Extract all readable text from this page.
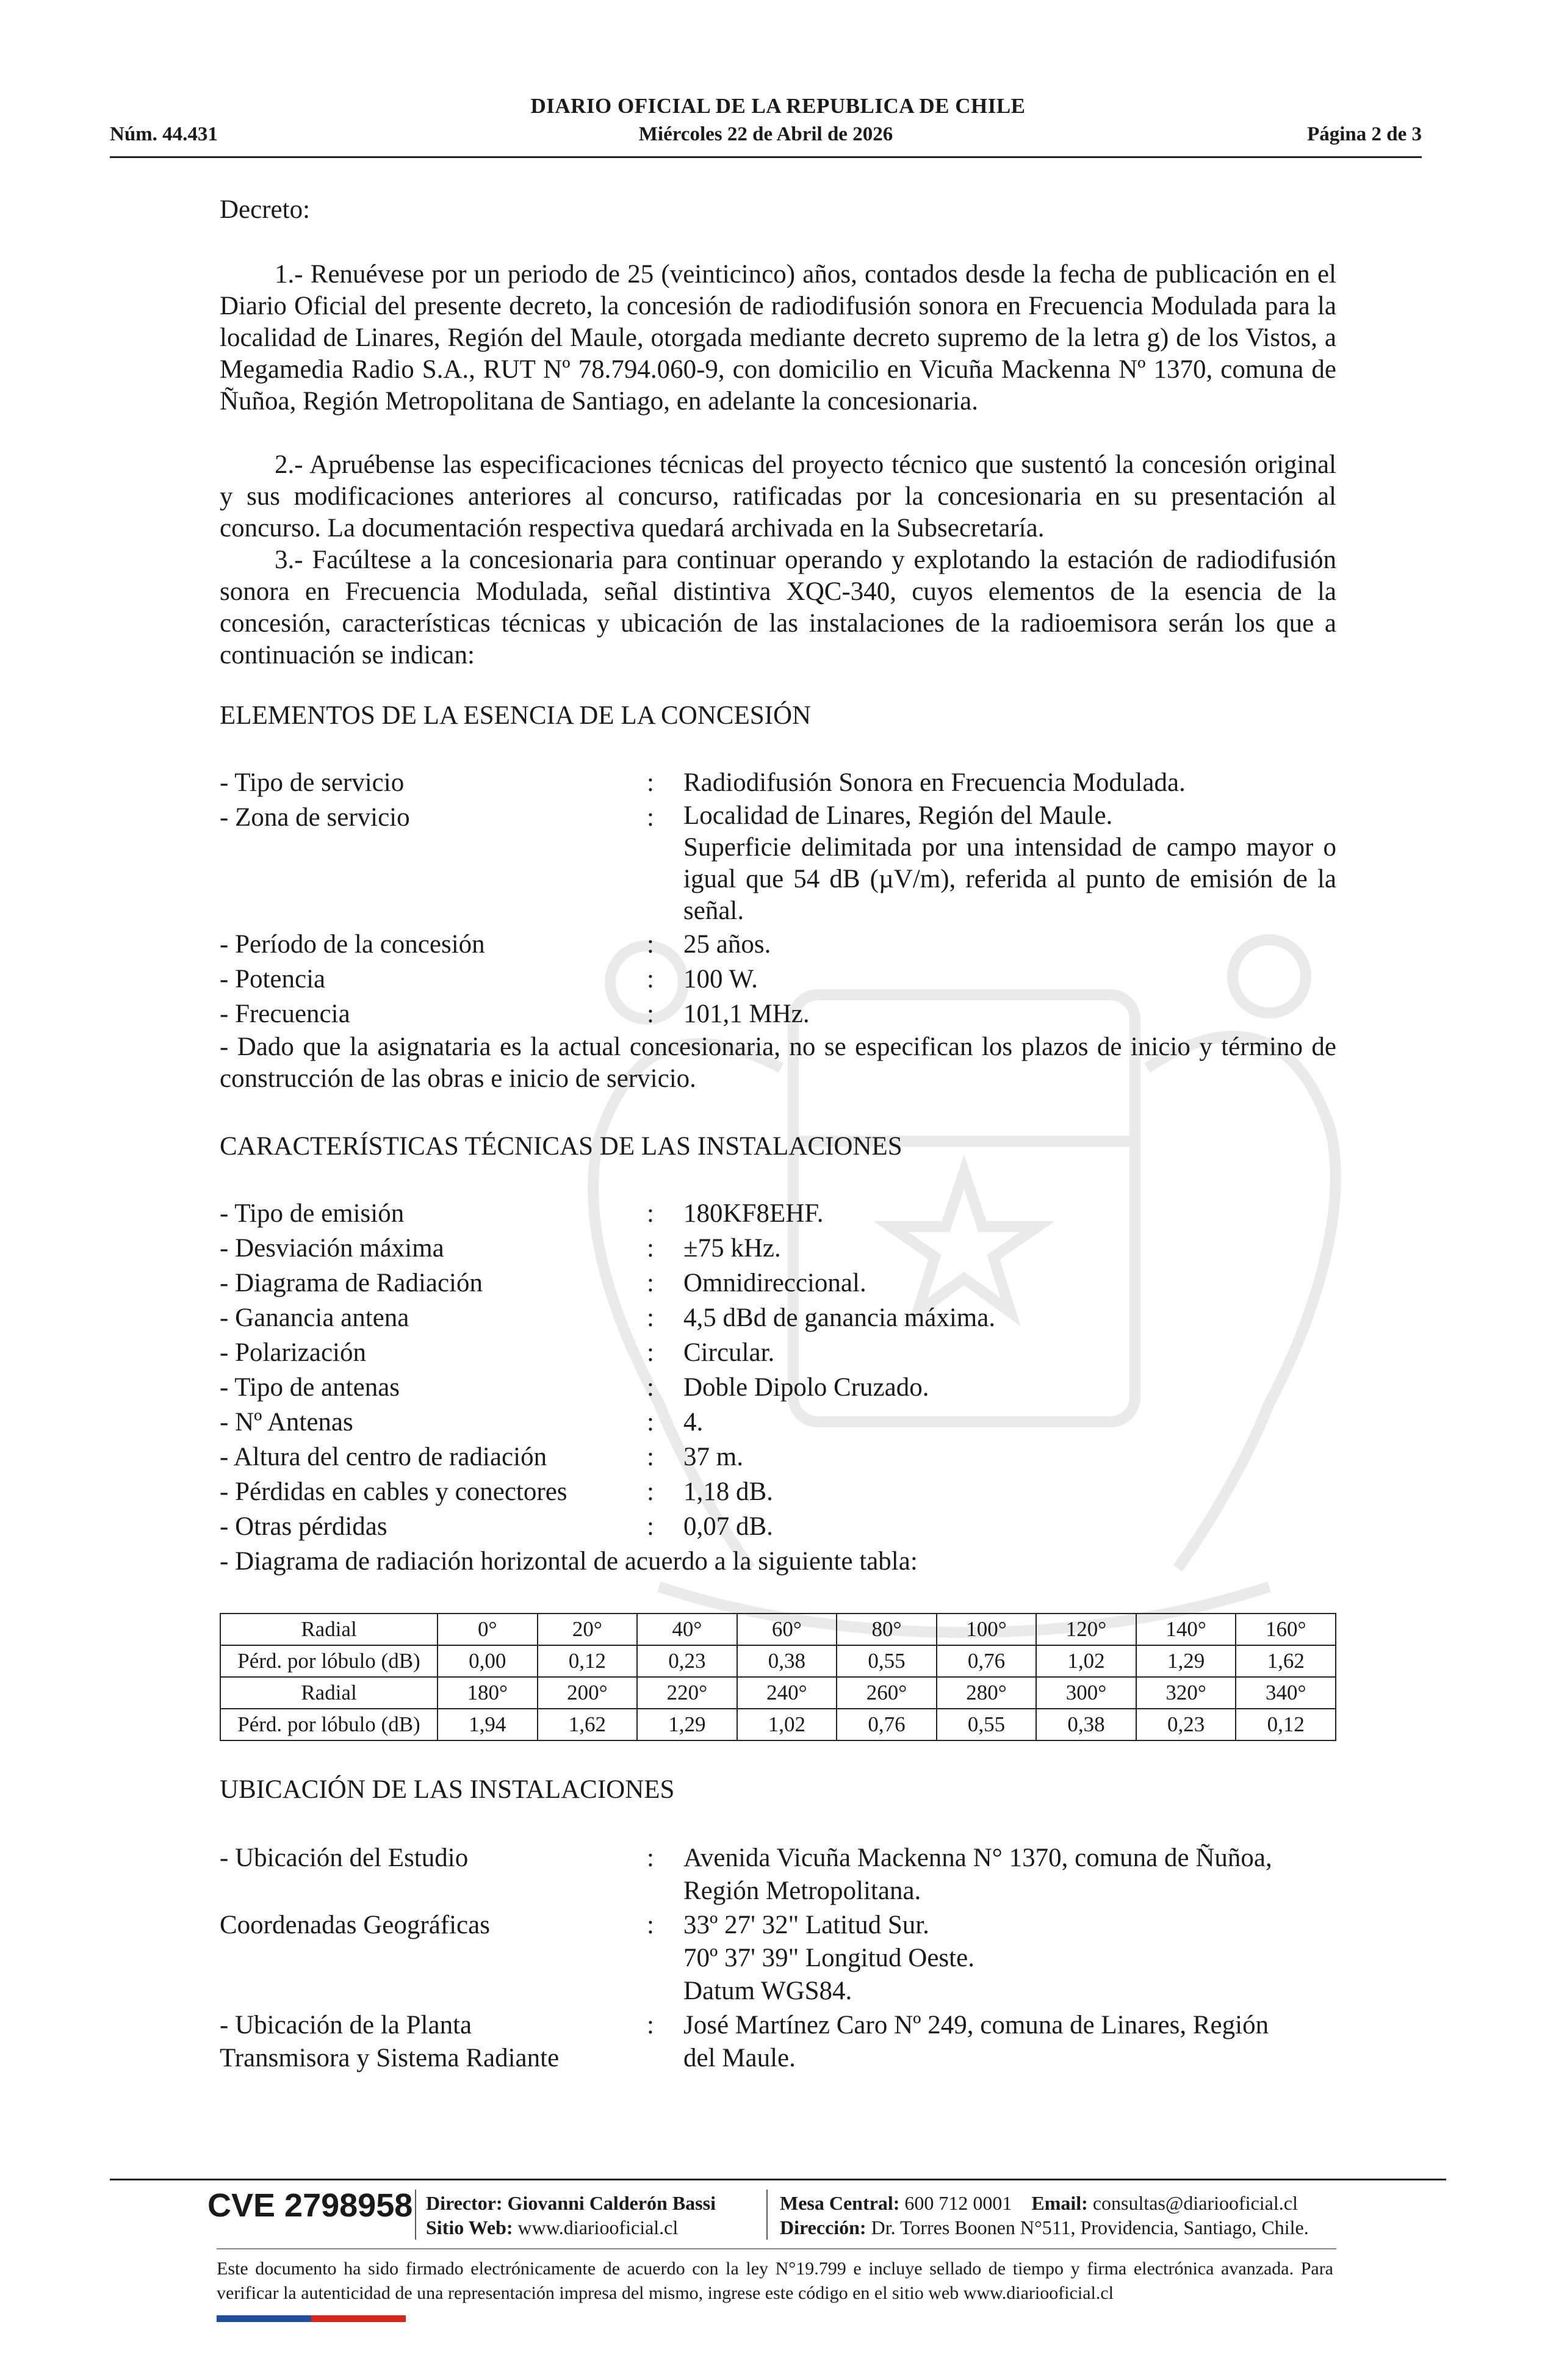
DIARIO OFICIAL DE LA REPUBLICA DE CHILE
Núm. 44.431	Miércoles 22 de Abril de 2026	Página 2 de 3
Decreto:

1.- Renuévese por un periodo de 25 (veinticinco) años, contados desde la fecha de publicación en el Diario Oficial del presente decreto, la concesión de radiodifusión sonora en Frecuencia Modulada para la localidad de Linares, Región del Maule, otorgada mediante decreto supremo de la letra g) de los Vistos, a Megamedia Radio S.A., RUT Nº 78.794.060-9, con domicilio en Vicuña Mackenna Nº 1370, comuna de Ñuñoa, Región Metropolitana de Santiago, en adelante la concesionaria.

2.- Apruébense las especificaciones técnicas del proyecto técnico que sustentó la concesión original y sus modificaciones anteriores al concurso, ratificadas por la concesionaria en su presentación al concurso. La documentación respectiva quedará archivada en la Subsecretaría.

3.- Facúltese a la concesionaria para continuar operando y explotando la estación de radiodifusión sonora en Frecuencia Modulada, señal distintiva XQC-340, cuyos elementos de la esencia de la concesión, características técnicas y ubicación de las instalaciones de la radioemisora serán los que a continuación se indican:

ELEMENTOS DE LA ESENCIA DE LA CONCESIÓN
- Tipo de servicio	:	Radiodifusión Sonora en Frecuencia Modulada.
- Zona de servicio	:	Localidad de Linares, Región del Maule.
Superficie delimitada por una intensidad de campo mayor o igual que 54 dB (µV/m), referida al punto de emisión de la señal.
- Período de la concesión	:	25 años.
- Potencia	:	100 W.
- Frecuencia	:	101,1 MHz.

- Dado que la asignataria es la actual concesionaria, no se especifican los plazos de inicio y término de construcción de las obras e inicio de servicio.

CARACTERÍSTICAS TÉCNICAS DE LAS INSTALACIONES
- Tipo de emisión	:	180KF8EHF.
- Desviación máxima	:	±75 kHz.
- Diagrama de Radiación	:	Omnidireccional.
- Ganancia antena	:	4,5 dBd de ganancia máxima.
- Polarización	:	Circular.
- Tipo de antenas	:	Doble Dipolo Cruzado.
- Nº Antenas	:	4.
- Altura del centro de radiación	:	37 m.
- Pérdidas en cables y conectores	:	1,18 dB.
- Otras pérdidas	:	0,07 dB.
- Diagrama de radiación horizontal de acuerdo a la siguiente tabla:
Radial	0°	20°	40°	60°	80°	100°	120°	140°	160°
Pérd. por lóbulo (dB)	0,00	0,12	0,23	0,38	0,55	0,76	1,02	1,29	1,62
Radial	180°	200°	220°	240°	260°	280°	300°	320°	340°
Pérd. por lóbulo (dB)	1,94	1,62	1,29	1,02	0,76	0,55	0,38	0,23	0,12
UBICACIÓN DE LAS INSTALACIONES
- Ubicación del Estudio	:	Avenida Vicuña Mackenna N° 1370, comuna de Ñuñoa,
Región Metropolitana.
Coordenadas Geográficas	:	33º 27' 32" Latitud Sur.
70º 37' 39" Longitud Oeste.
Datum WGS84.
- Ubicación de la Planta
Transmisora y Sistema Radiante
:	José Martínez Caro Nº 249, comuna de Linares, Región
del Maule.
CVE 2798958 Director: Giovanni Calderón Bassi
Sitio Web: www.diariooficial.cl
Mesa Central: 600 712 0001 Email: consultas@diariooficial.cl
Dirección: Dr. Torres Boonen N°511, Providencia, Santiago, Chile.
Este documento ha sido firmado electrónicamente de acuerdo con la ley N°19.799 e incluye sellado de tiempo y firma electrónica avanzada. Para verificar la autenticidad de una representación impresa del mismo, ingrese este código en el sitio web www.diariooficial.cl
